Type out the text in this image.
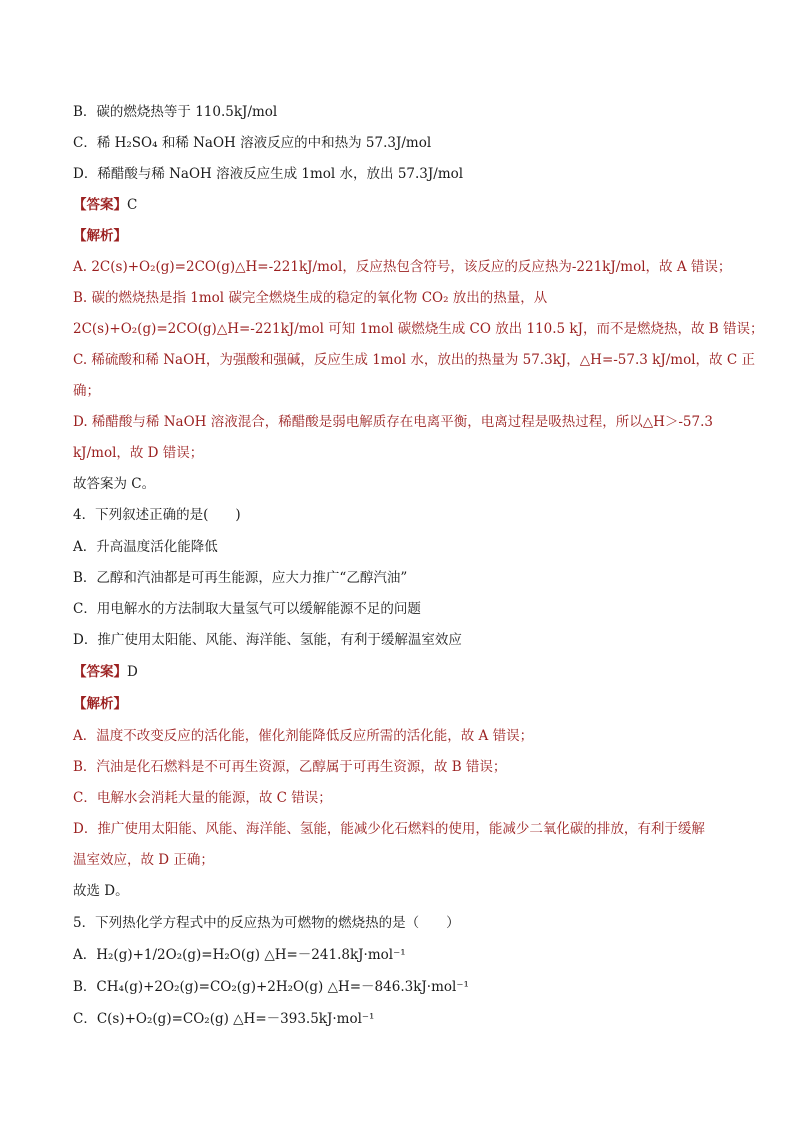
B．碳的燃烧热等于 110.5kJ/mol
C．稀 H₂SO₄ 和稀 NaOH 溶液反应的中和热为 57.3J/mol
D．稀醋酸与稀 NaOH 溶液反应生成 1mol 水，放出 57.3J/mol
【答案】C
【解析】
A. 2C(s)+O₂(g)=2CO(g)△H=-221kJ/mol，反应热包含符号，该反应的反应热为-221kJ/mol，故 A 错误；
B. 碳的燃烧热是指 1mol 碳完全燃烧生成的稳定的氧化物 CO₂ 放出的热量，从
2C(s)+O₂(g)=2CO(g)△H=-221kJ/mol 可知 1mol 碳燃烧生成 CO 放出 110.5 kJ，而不是燃烧热，故 B 错误；
C. 稀硫酸和稀 NaOH，为强酸和强碱，反应生成 1mol 水，放出的热量为 57.3kJ，△H=-57.3 kJ/mol，故 C 正
确；
D. 稀醋酸与稀 NaOH 溶液混合，稀醋酸是弱电解质存在电离平衡，电离过程是吸热过程，所以△H＞-57.3
kJ/mol，故 D 错误；
故答案为 C。
4．下列叙述正确的是(　　)
A．升高温度活化能降低
B．乙醇和汽油都是可再生能源，应大力推广“乙醇汽油”
C．用电解水的方法制取大量氢气可以缓解能源不足的问题
D．推广使用太阳能、风能、海洋能、氢能，有利于缓解温室效应
【答案】D
【解析】
A．温度不改变反应的活化能，催化剂能降低反应所需的活化能，故 A 错误；
B．汽油是化石燃料是不可再生资源，乙醇属于可再生资源，故 B 错误；
C．电解水会消耗大量的能源，故 C 错误；
D．推广使用太阳能、风能、海洋能、氢能，能减少化石燃料的使用，能减少二氧化碳的排放，有利于缓解
温室效应，故 D 正确；
故选 D。
5．下列热化学方程式中的反应热为可燃物的燃烧热的是（　　）
A．H₂(g)+1/2O₂(g)=H₂O(g) △H=－241.8kJ·mol⁻¹
B．CH₄(g)+2O₂(g)=CO₂(g)+2H₂O(g) △H=－846.3kJ·mol⁻¹
C．C(s)+O₂(g)=CO₂(g) △H=－393.5kJ·mol⁻¹
